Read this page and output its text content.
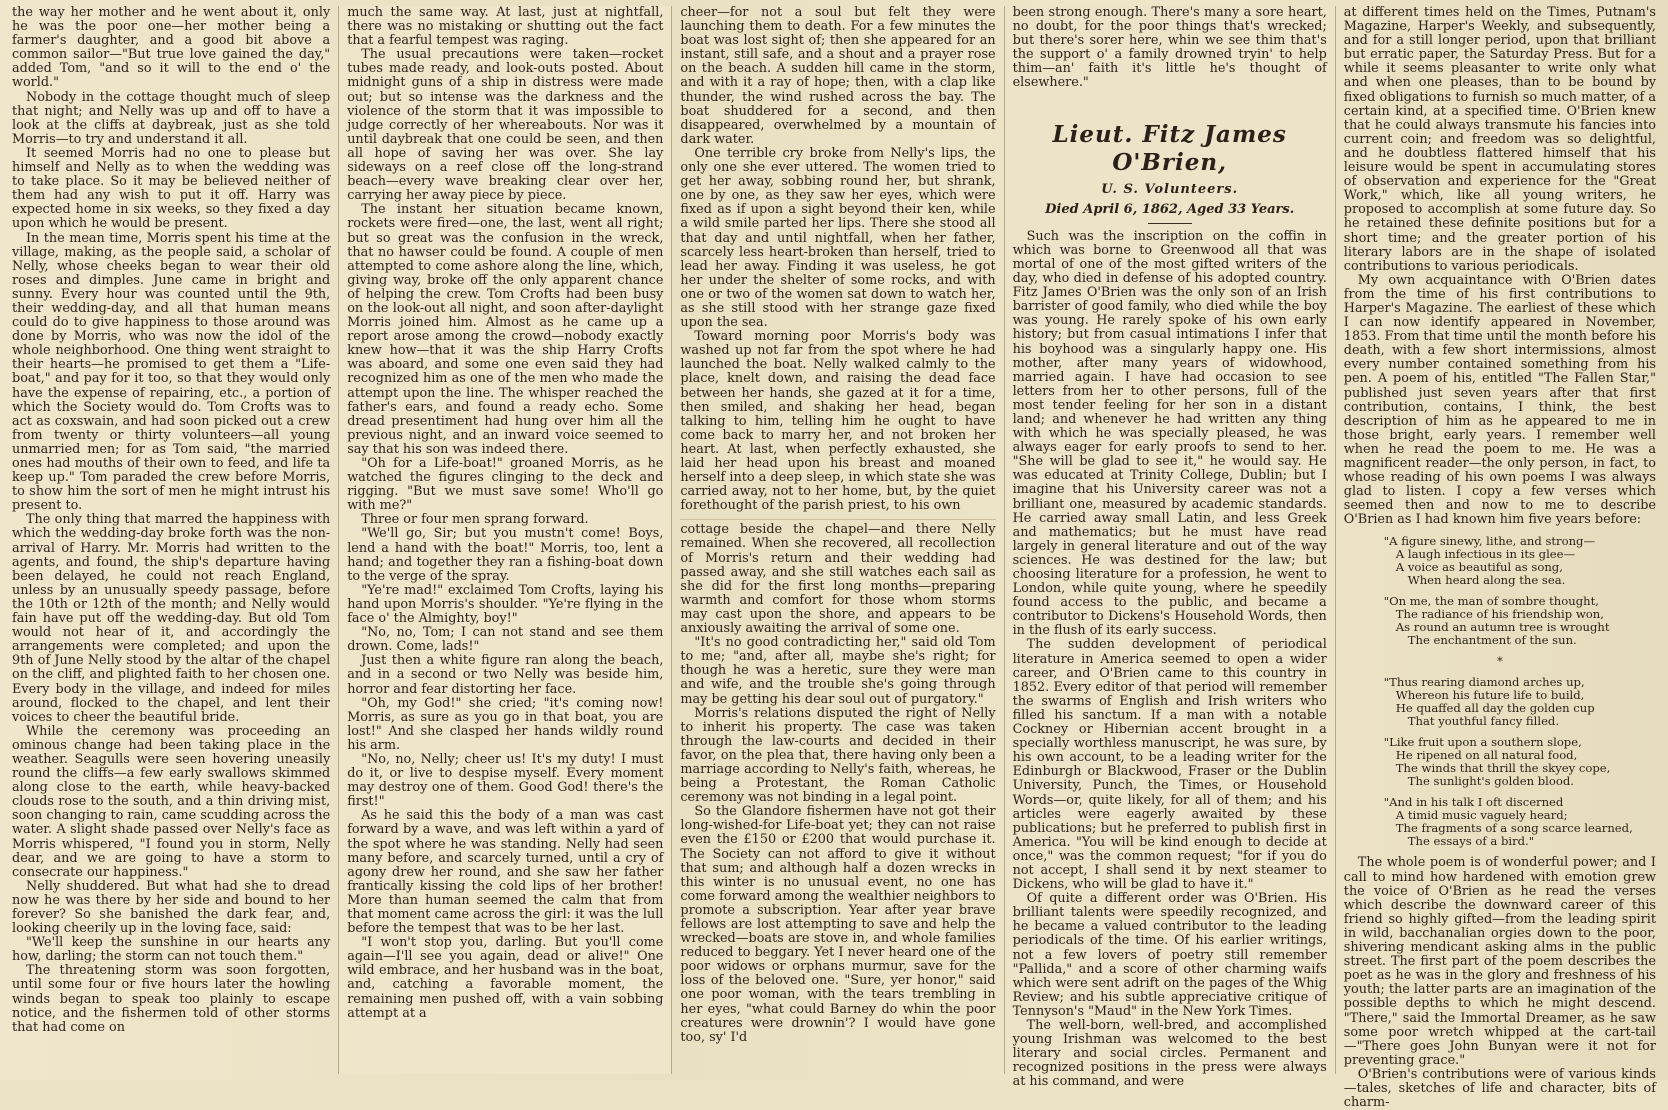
the way her mother and he went about it, only he was the poor one—her mother being a farmer's daughter, and a good bit above a common sailor—"But true love gained the day," added Tom, "and so it will to the end o' the world."

Nobody in the cottage thought much of sleep that night; and Nelly was up and off to have a look at the cliffs at daybreak, just as she told Morris—to try and understand it all.

It seemed Morris had no one to please but himself and Nelly as to when the wedding was to take place. So it may be believed neither of them had any wish to put it off. Harry was expected home in six weeks, so they fixed a day upon which he would be present.

In the mean time, Morris spent his time at the village, making, as the people said, a scholar of Nelly, whose cheeks began to wear their old roses and dimples. June came in bright and sunny. Every hour was counted until the 9th, their wedding-day, and all that human means could do to give happiness to those around was done by Morris, who was now the idol of the whole neighborhood. One thing went straight to their hearts—he promised to get them a "Life-boat," and pay for it too, so that they would only have the expense of repairing, etc., a portion of which the Society would do. Tom Crofts was to act as coxswain, and had soon picked out a crew from twenty or thirty volunteers—all young unmarried men; for as Tom said, "the married ones had mouths of their own to feed, and life ta keep up." Tom paraded the crew before Morris, to show him the sort of men he might intrust his present to.

The only thing that marred the happiness with which the wedding-day broke forth was the non-arrival of Harry. Mr. Morris had written to the agents, and found, the ship's departure having been delayed, he could not reach England, unless by an unusually speedy passage, before the 10th or 12th of the month; and Nelly would fain have put off the wedding-day. But old Tom would not hear of it, and accordingly the arrangements were completed; and upon the 9th of June Nelly stood by the altar of the chapel on the cliff, and plighted faith to her chosen one. Every body in the village, and indeed for miles around, flocked to the chapel, and lent their voices to cheer the beautiful bride.

While the ceremony was proceeding an ominous change had been taking place in the weather. Seagulls were seen hovering uneasily round the cliffs—a few early swallows skimmed along close to the earth, while heavy-backed clouds rose to the south, and a thin driving mist, soon changing to rain, came scudding across the water. A slight shade passed over Nelly's face as Morris whispered, "I found you in storm, Nelly dear, and we are going to have a storm to consecrate our happiness."

Nelly shuddered. But what had she to dread now he was there by her side and bound to her forever? So she banished the dark fear, and, looking cheerily up in the loving face, said:

"We'll keep the sunshine in our hearts any how, darling; the storm can not touch them."

The threatening storm was soon forgotten, until some four or five hours later the howling winds began to speak too plainly to escape notice, and the fishermen told of other storms that had come on

much the same way. At last, just at nightfall, there was no mistaking or shutting out the fact that a fearful tempest was raging.

The usual precautions were taken—rocket tubes made ready, and look-outs posted. About midnight guns of a ship in distress were made out; but so intense was the darkness and the violence of the storm that it was impossible to judge correctly of her whereabouts. Nor was it until daybreak that one could be seen, and then all hope of saving her was over. She lay sideways on a reef close off the long-strand beach—every wave breaking clear over her, carrying her away piece by piece.

The instant her situation became known, rockets were fired—one, the last, went all right; but so great was the confusion in the wreck, that no hawser could be found. A couple of men attempted to come ashore along the line, which, giving way, broke off the only apparent chance of helping the crew. Tom Crofts had been busy on the look-out all night, and soon after-daylight Morris joined him. Almost as he came up a report arose among the crowd—nobody exactly knew how—that it was the ship Harry Crofts was aboard, and some one even said they had recognized him as one of the men who made the attempt upon the line. The whisper reached the father's ears, and found a ready echo. Some dread presentiment had hung over him all the previous night, and an inward voice seemed to say that his son was indeed there.

"Oh for a Life-boat!" groaned Morris, as he watched the figures clinging to the deck and rigging. "But we must save some! Who'll go with me?"

Three or four men sprang forward.

"We'll go, Sir; but you mustn't come! Boys, lend a hand with the boat!" Morris, too, lent a hand; and together they ran a fishing-boat down to the verge of the spray.

"Ye're mad!" exclaimed Tom Crofts, laying his hand upon Morris's shoulder. "Ye're flying in the face o' the Almighty, boy!"

"No, no, Tom; I can not stand and see them drown. Come, lads!"

Just then a white figure ran along the beach, and in a second or two Nelly was beside him, horror and fear distorting her face.

"Oh, my God!" she cried; "it's coming now! Morris, as sure as you go in that boat, you are lost!" And she clasped her hands wildly round his arm.

"No, no, Nelly; cheer us! It's my duty! I must do it, or live to despise myself. Every moment may destroy one of them. Good God! there's the first!"

As he said this the body of a man was cast forward by a wave, and was left within a yard of the spot where he was standing. Nelly had seen many before, and scarcely turned, until a cry of agony drew her round, and she saw her father frantically kissing the cold lips of her brother! More than human seemed the calm that from that moment came across the girl: it was the lull before the tempest that was to be her last.

"I won't stop you, darling. But you'll come again—I'll see you again, dead or alive!" One wild embrace, and her husband was in the boat, and, catching a favorable moment, the remaining men pushed off, with a vain sobbing attempt at a

cheer—for not a soul but felt they were launching them to death. For a few minutes the boat was lost sight of; then she appeared for an instant, still safe, and a shout and a prayer rose on the beach. A sudden hill came in the storm, and with it a ray of hope; then, with a clap like thunder, the wind rushed across the bay. The boat shuddered for a second, and then disappeared, overwhelmed by a mountain of dark water.

One terrible cry broke from Nelly's lips, the only one she ever uttered. The women tried to get her away, sobbing round her, but shrank, one by one, as they saw her eyes, which were fixed as if upon a sight beyond their ken, while a wild smile parted her lips. There she stood all that day and until nightfall, when her father, scarcely less heart-broken than herself, tried to lead her away. Finding it was useless, he got her under the shelter of some rocks, and with one or two of the women sat down to watch her, as she still stood with her strange gaze fixed upon the sea.

Toward morning poor Morris's body was washed up not far from the spot where he had launched the boat. Nelly walked calmly to the place, knelt down, and raising the dead face between her hands, she gazed at it for a time, then smiled, and shaking her head, began talking to him, telling him he ought to have come back to marry her, and not broken her heart. At last, when perfectly exhausted, she laid her head upon his breast and moaned herself into a deep sleep, in which state she was carried away, not to her home, but, by the quiet forethought of the parish priest, to his own

cottage beside the chapel—and there Nelly remained. When she recovered, all recollection of Morris's return and their wedding had passed away, and she still watches each sail as she did for the first long months—preparing warmth and comfort for those whom storms may cast upon the shore, and appears to be anxiously awaiting the arrival of some one.

"It's no good contradicting her," said old Tom to me; "and, after all, maybe she's right; for though he was a heretic, sure they were man and wife, and the trouble she's going through may be getting his dear soul out of purgatory."

Morris's relations disputed the right of Nelly to inherit his property. The case was taken through the law-courts and decided in their favor, on the plea that, there having only been a marriage according to Nelly's faith, whereas, he being a Protestant, the Roman Catholic ceremony was not binding in a legal point.

So the Glandore fishermen have not got their long-wished-for Life-boat yet; they can not raise even the £150 or £200 that would purchase it. The Society can not afford to give it without that sum; and although half a dozen wrecks in this winter is no unusual event, no one has come forward among the wealthier neighbors to promote a subscription. Year after year brave fellows are lost attempting to save and help the wrecked—boats are stove in, and whole families reduced to beggary. Yet I never heard one of the poor widows or orphans murmur, save for the loss of the beloved one. "Sure, yer honor," said one poor woman, with the tears trembling in her eyes, "what could Barney do whin the poor creatures were drownin'? I would have gone too, sy' I'd

been strong enough. There's many a sore heart, no doubt, for the poor things that's wrecked; but there's sorer here, whin we see thim that's the support o' a family drowned tryin' to help thim—an' faith it's little he's thought of elsewhere."

Lieut. Fitz James O'Brien,
U. S. Volunteers.
Died April 6, 1862, Aged 33 Years.

Such was the inscription on the coffin in which was borne to Greenwood all that was mortal of one of the most gifted writers of the day, who died in defense of his adopted country. Fitz James O'Brien was the only son of an Irish barrister of good family, who died while the boy was young. He rarely spoke of his own early history; but from casual intimations I infer that his boyhood was a singularly happy one. His mother, after many years of widowhood, married again. I have had occasion to see letters from her to other persons, full of the most tender feeling for her son in a distant land; and whenever he had written any thing with which he was specially pleased, he was always eager for early proofs to send to her. "She will be glad to see it," he would say. He was educated at Trinity College, Dublin; but I imagine that his University career was not a brilliant one, measured by academic standards. He carried away small Latin, and less Greek and mathematics; but he must have read largely in general literature and out of the way sciences. He was destined for the law; but choosing literature for a profession, he went to London, while quite young, where he speedily found access to the public, and became a contributor to Dickens's Household Words, then in the flush of its early success.

The sudden development of periodical literature in America seemed to open a wider career, and O'Brien came to this country in 1852. Every editor of that period will remember the swarms of English and Irish writers who filled his sanctum. If a man with a notable Cockney or Hibernian accent brought in a specially worthless manuscript, he was sure, by his own account, to be a leading writer for the Edinburgh or Blackwood, Fraser or the Dublin University, Punch, the Times, or Household Words—or, quite likely, for all of them; and his articles were eagerly awaited by these publications; but he preferred to publish first in America. "You will be kind enough to decide at once," was the common request; "for if you do not accept, I shall send it by next steamer to Dickens, who will be glad to have it."

Of quite a different order was O'Brien. His brilliant talents were speedily recognized, and he became a valued contributor to the leading periodicals of the time. Of his earlier writings, not a few lovers of poetry still remember "Pallida," and a score of other charming waifs which were sent adrift on the pages of the Whig Review; and his subtle appreciative critique of Tennyson's "Maud" in the New York Times.

The well-born, well-bred, and accomplished young Irishman was welcomed to the best literary and social circles. Permanent and recognized positions in the press were always at his command, and were

at different times held on the Times, Putnam's Magazine, Harper's Weekly, and subsequently, and for a still longer period, upon that brilliant but erratic paper, the Saturday Press. But for a while it seems pleasanter to write only what and when one pleases, than to be bound by fixed obligations to furnish so much matter, of a certain kind, at a specified time. O'Brien knew that he could always transmute his fancies into current coin; and freedom was so delightful, and he doubtless flattered himself that his leisure would be spent in accumulating stores of observation and experience for the "Great Work," which, like all young writers, he proposed to accomplish at some future day. So he retained these definite positions but for a short time; and the greater portion of his literary labors are in the shape of isolated contributions to various periodicals.

My own acquaintance with O'Brien dates from the time of his first contributions to Harper's Magazine. The earliest of these which I can now identify appeared in November, 1853. From that time until the month before his death, with a few short intermissions, almost every number contained something from his pen. A poem of his, entitled "The Fallen Star," published just seven years after that first contribution, contains, I think, the best description of him as he appeared to me in those bright, early years. I remember well when he read the poem to me. He was a magnificent reader—the only person, in fact, to whose reading of his own poems I was always glad to listen. I copy a few verses which seemed then and now to me to describe O'Brien as I had known him five years before:

"A figure sinewy, lithe, and strong—
A laugh infectious in its glee—
A voice as beautiful as song,
When heard along the sea.
"On me, the man of sombre thought,
The radiance of his friendship won,
As round an autumn tree is wrought
The enchantment of the sun.
*
"Thus rearing diamond arches up,
Whereon his future life to build,
He quaffed all day the golden cup
That youthful fancy filled.
"Like fruit upon a southern slope,
He ripened on all natural food,
The winds that thrill the skyey cope,
The sunlight's golden blood.
"And in his talk I oft discerned
A timid music vaguely heard;
The fragments of a song scarce learned,
The essays of a bird."

The whole poem is of wonderful power; and I call to mind how hardened with emotion grew the voice of O'Brien as he read the verses which describe the downward career of this friend so highly gifted—from the leading spirit in wild, bacchanalian orgies down to the poor, shivering mendicant asking alms in the public street. The first part of the poem describes the poet as he was in the glory and freshness of his youth; the latter parts are an imagination of the possible depths to which he might descend. "There," said the Immortal Dreamer, as he saw some poor wretch whipped at the cart-tail—"There goes John Bunyan were it not for preventing grace."

O'Brien's contributions were of various kinds—tales, sketches of life and character, bits of charm-
